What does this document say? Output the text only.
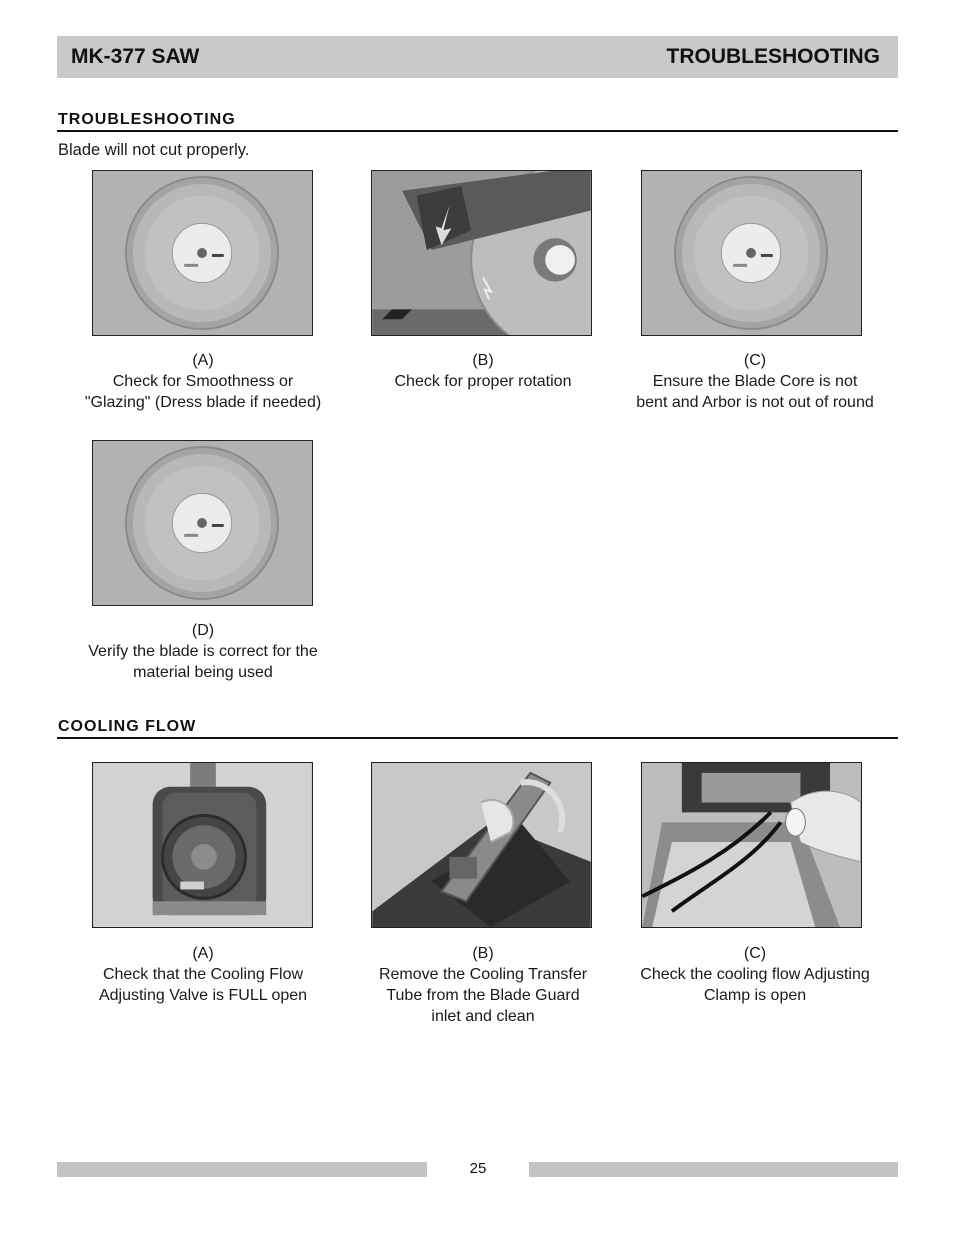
MK-377 SAW	TROUBLESHOOTING
TROUBLESHOOTING
Blade will not cut properly.
(A)
Check for Smoothness or
"Glazing" (Dress blade if needed)
(B)
Check for proper rotation
(C)
Ensure the Blade Core is not
bent and Arbor is not out of round
(D)
Verify the blade is correct for the
material being used
COOLING FLOW
(A)
Check that the Cooling Flow
Adjusting Valve is FULL open
(B)
Remove the Cooling Transfer
Tube from the Blade Guard
inlet and clean
(C)
Check the cooling flow Adjusting
Clamp is open
25
